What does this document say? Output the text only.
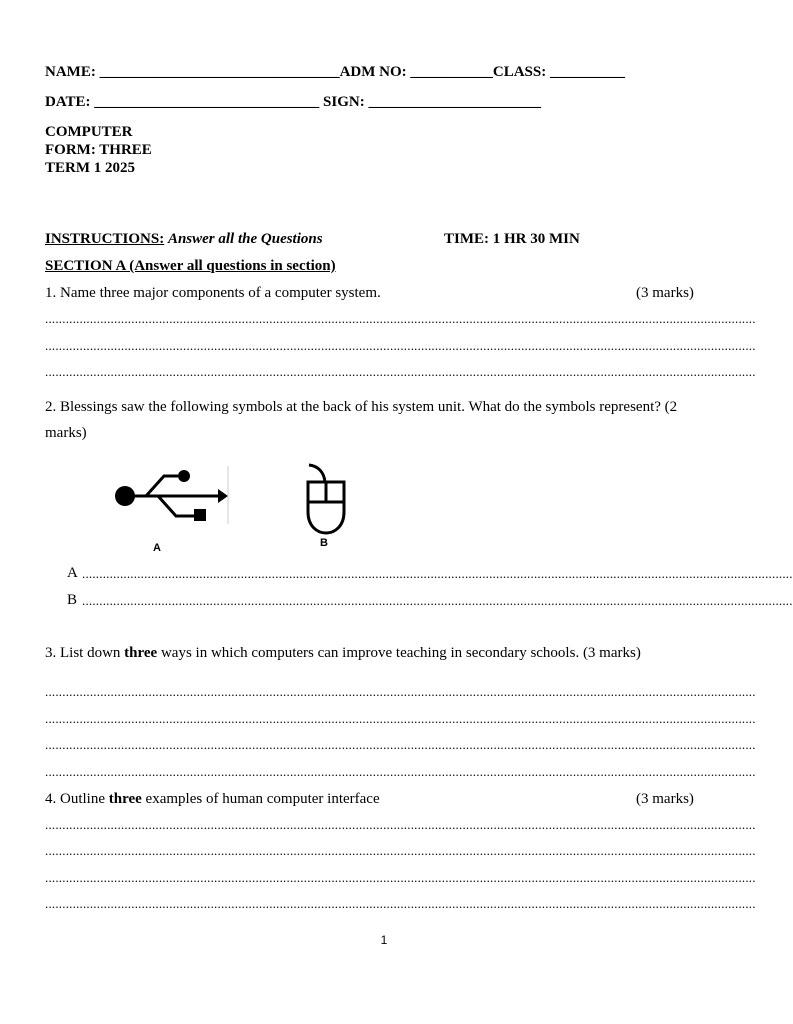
NAME: ________________________________ADM NO: ___________CLASS: __________
DATE: ______________________________ SIGN: _______________________
COMPUTER
FORM: THREE
TERM 1 2025
INSTRUCTIONS: Answer all the Questions	TIME: 1 HR 30 MIN
SECTION A (Answer all questions in section)
1. Name three major components of a computer system.	(3 marks)
..............................................................................................................................................................................................................
..............................................................................................................................................................................................................
..............................................................................................................................................................................................................
2. Blessings saw the following symbols at the back of his system unit. What do the symbols represent? (2
marks)
A	B
A ..............................................................................................................................................................................................................
B ..............................................................................................................................................................................................................
3. List down three ways in which computers can improve teaching in secondary schools. (3 marks)
..............................................................................................................................................................................................................
..............................................................................................................................................................................................................
..............................................................................................................................................................................................................
..............................................................................................................................................................................................................
4. Outline three examples of human computer interface	(3 marks)
..............................................................................................................................................................................................................
..............................................................................................................................................................................................................
..............................................................................................................................................................................................................
..............................................................................................................................................................................................................
1
